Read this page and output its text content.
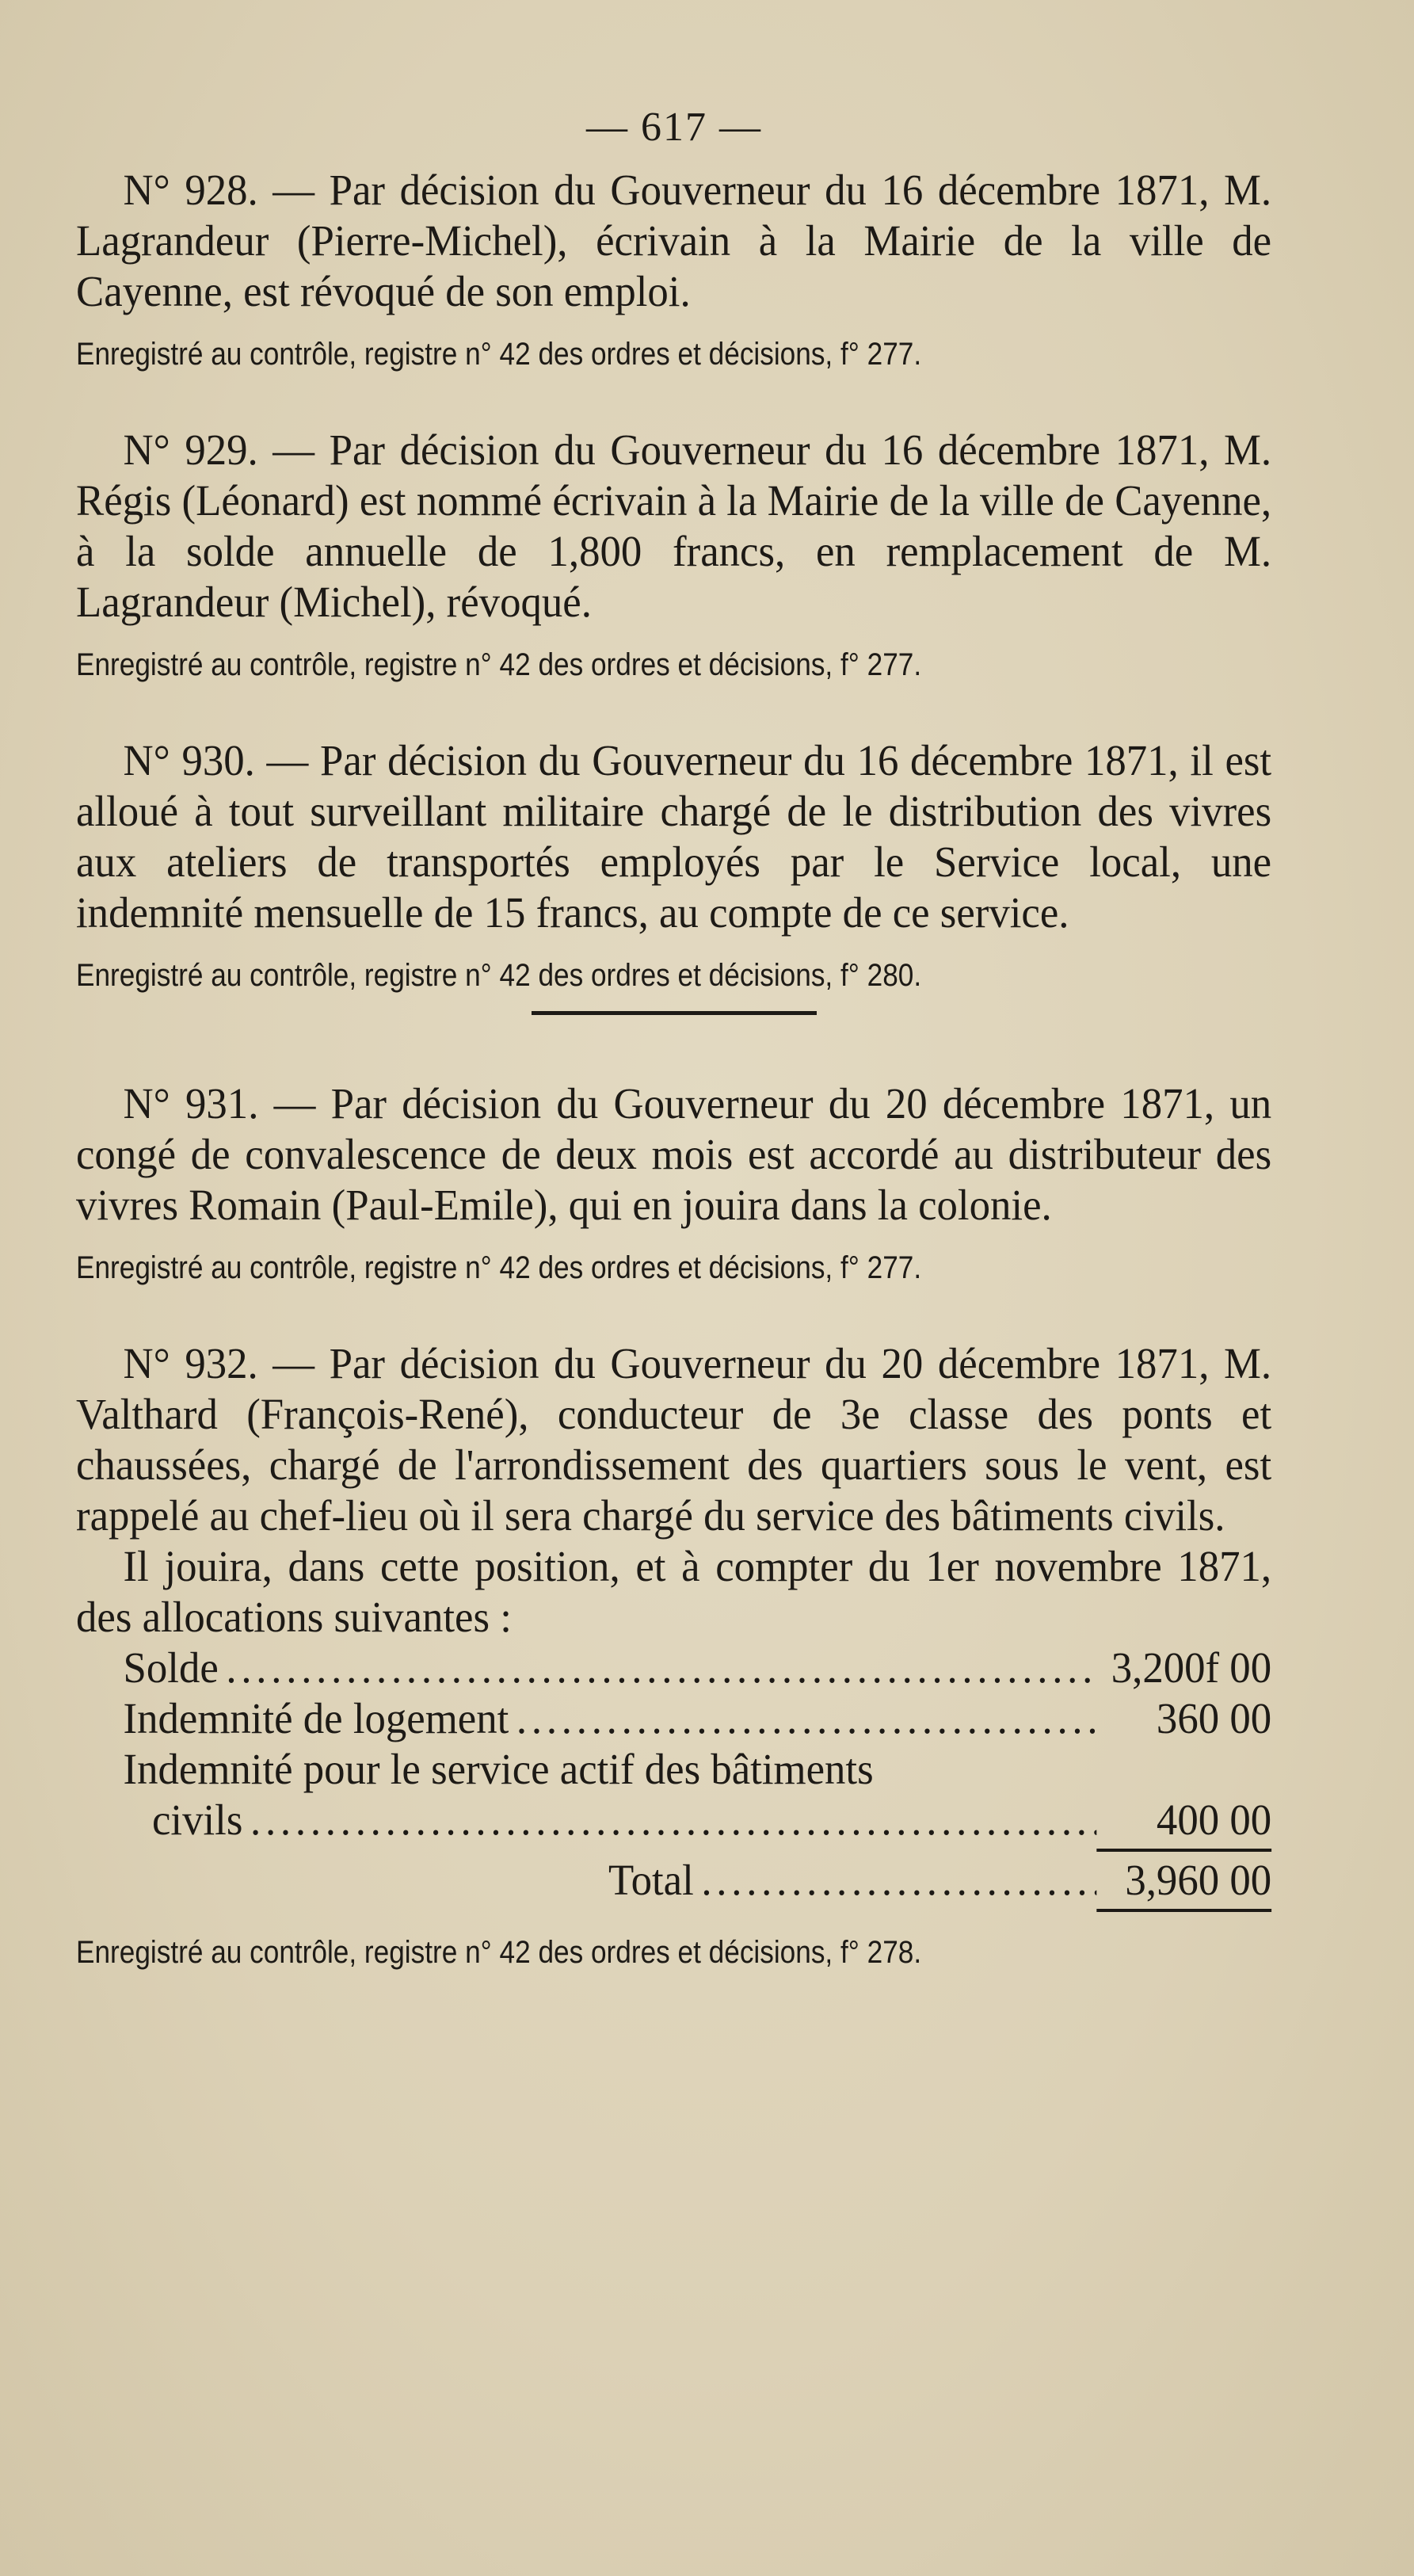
— 617 —

N° 928. — Par décision du Gouverneur du 16 décembre 1871, M. Lagrandeur (Pierre-Michel), écrivain à la Mairie de la ville de Cayenne, est révoqué de son emploi.

Enregistré au contrôle, registre n° 42 des ordres et décisions, f° 277.

N° 929. — Par décision du Gouverneur du 16 décembre 1871, M. Régis (Léonard) est nommé écrivain à la Mairie de la ville de Cayenne, à la solde annuelle de 1,800 francs, en remplacement de M. Lagrandeur (Michel), révoqué.

Enregistré au contrôle, registre n° 42 des ordres et décisions, f° 277.

N° 930. — Par décision du Gouverneur du 16 décembre 1871, il est alloué à tout surveillant militaire chargé de le distribution des vivres aux ateliers de transportés employés par le Service local, une indemnité mensuelle de 15 francs, au compte de ce service.

Enregistré au contrôle, registre n° 42 des ordres et décisions, f° 280.

N° 931. — Par décision du Gouverneur du 20 décembre 1871, un congé de convalescence de deux mois est accordé au distributeur des vivres Romain (Paul-Emile), qui en jouira dans la colonie.

Enregistré au contrôle, registre n° 42 des ordres et décisions, f° 277.

N° 932. — Par décision du Gouverneur du 20 décembre 1871, M. Valthard (François-René), conducteur de 3e classe des ponts et chaussées, chargé de l'arrondissement des quartiers sous le vent, est rappelé au chef-lieu où il sera chargé du service des bâtiments civils.

Il jouira, dans cette position, et à compter du 1er novembre 1871, des allocations suivantes :

Solde .....	3,200f 00
Indemnité de logement .....	360 00
Indemnité pour le service actif des bâtiments
civils .....	400 00
Total .....	3,960 00
Enregistré au contrôle, registre n° 42 des ordres et décisions, f° 278.
